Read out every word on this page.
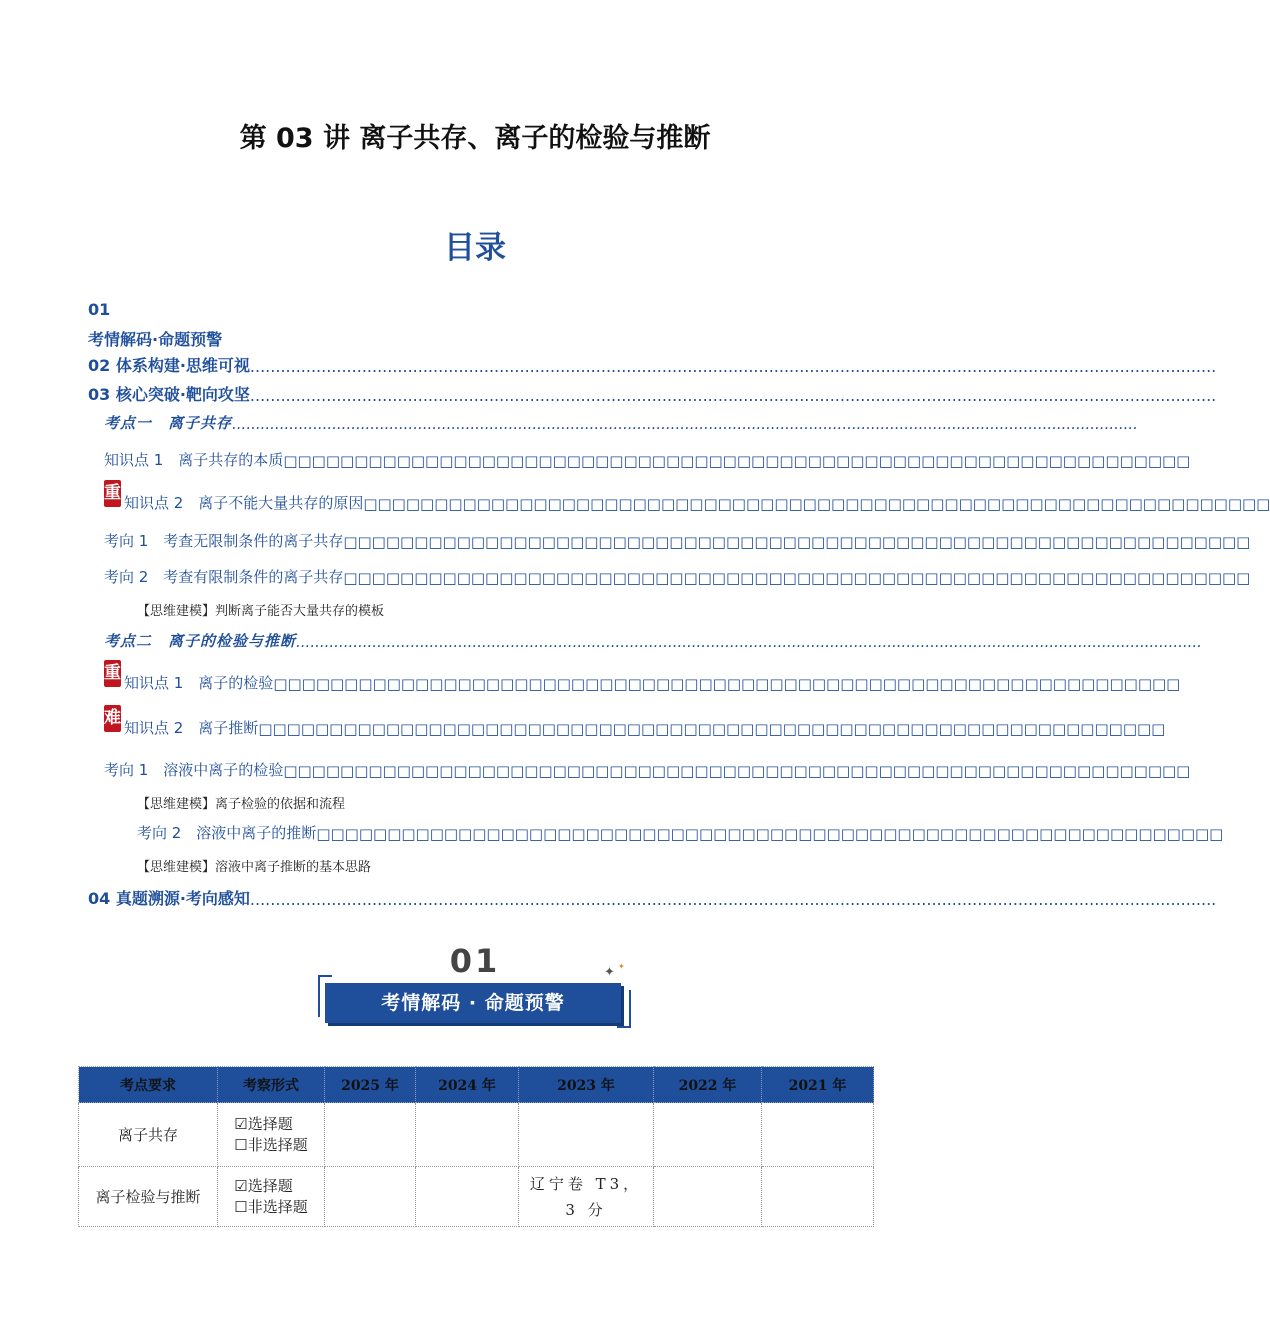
第 03 讲 离子共存、离子的检验与推断
目录
01
考情解码·命题预警
02 体系构建·思维可视 ..............................................................................................................................................................................................
03 核心突破·靶向攻坚 ..............................................................................................................................................................................................
考点一　离子共存 ..............................................................................................................................................................................................
知识点 1　离子共存的本质 □□□□□□□□□□□□□□□□□□□□□□□□□□□□□□□□□□□□□□□□□□□□□□□□□□□□□□□□□□□□□□□□
重 知识点 2　离子不能大量共存的原因 □□□□□□□□□□□□□□□□□□□□□□□□□□□□□□□□□□□□□□□□□□□□□□□□□□□□□□□□□□□□□□□□
考向 1　考查无限制条件的离子共存 □□□□□□□□□□□□□□□□□□□□□□□□□□□□□□□□□□□□□□□□□□□□□□□□□□□□□□□□□□□□□□□□
考向 2　考查有限制条件的离子共存 □□□□□□□□□□□□□□□□□□□□□□□□□□□□□□□□□□□□□□□□□□□□□□□□□□□□□□□□□□□□□□□□
【思维建模】判断离子能否大量共存的模板
考点二　离子的检验与推断 ..............................................................................................................................................................................................
重 知识点 1　离子的检验 □□□□□□□□□□□□□□□□□□□□□□□□□□□□□□□□□□□□□□□□□□□□□□□□□□□□□□□□□□□□□□□□
难 知识点 2　离子推断 □□□□□□□□□□□□□□□□□□□□□□□□□□□□□□□□□□□□□□□□□□□□□□□□□□□□□□□□□□□□□□□□
考向 1　溶液中离子的检验 □□□□□□□□□□□□□□□□□□□□□□□□□□□□□□□□□□□□□□□□□□□□□□□□□□□□□□□□□□□□□□□□
【思维建模】离子检验的依据和流程
考向 2　溶液中离子的推断 □□□□□□□□□□□□□□□□□□□□□□□□□□□□□□□□□□□□□□□□□□□□□□□□□□□□□□□□□□□□□□□□
【思维建模】溶液中离子推断的基本思路
04 真题溯源·考向感知 ..............................................................................................................................................................................................
01	✦ ✦
考情解码 · 命题预警
考点要求	考察形式	2025 年	2024 年	2023 年	2022 年	2021 年
离子共存	☑选择题
☐非选择题					

离子检验与推断	☑选择题
☐非选择题			辽宁卷 T3，3 分		
